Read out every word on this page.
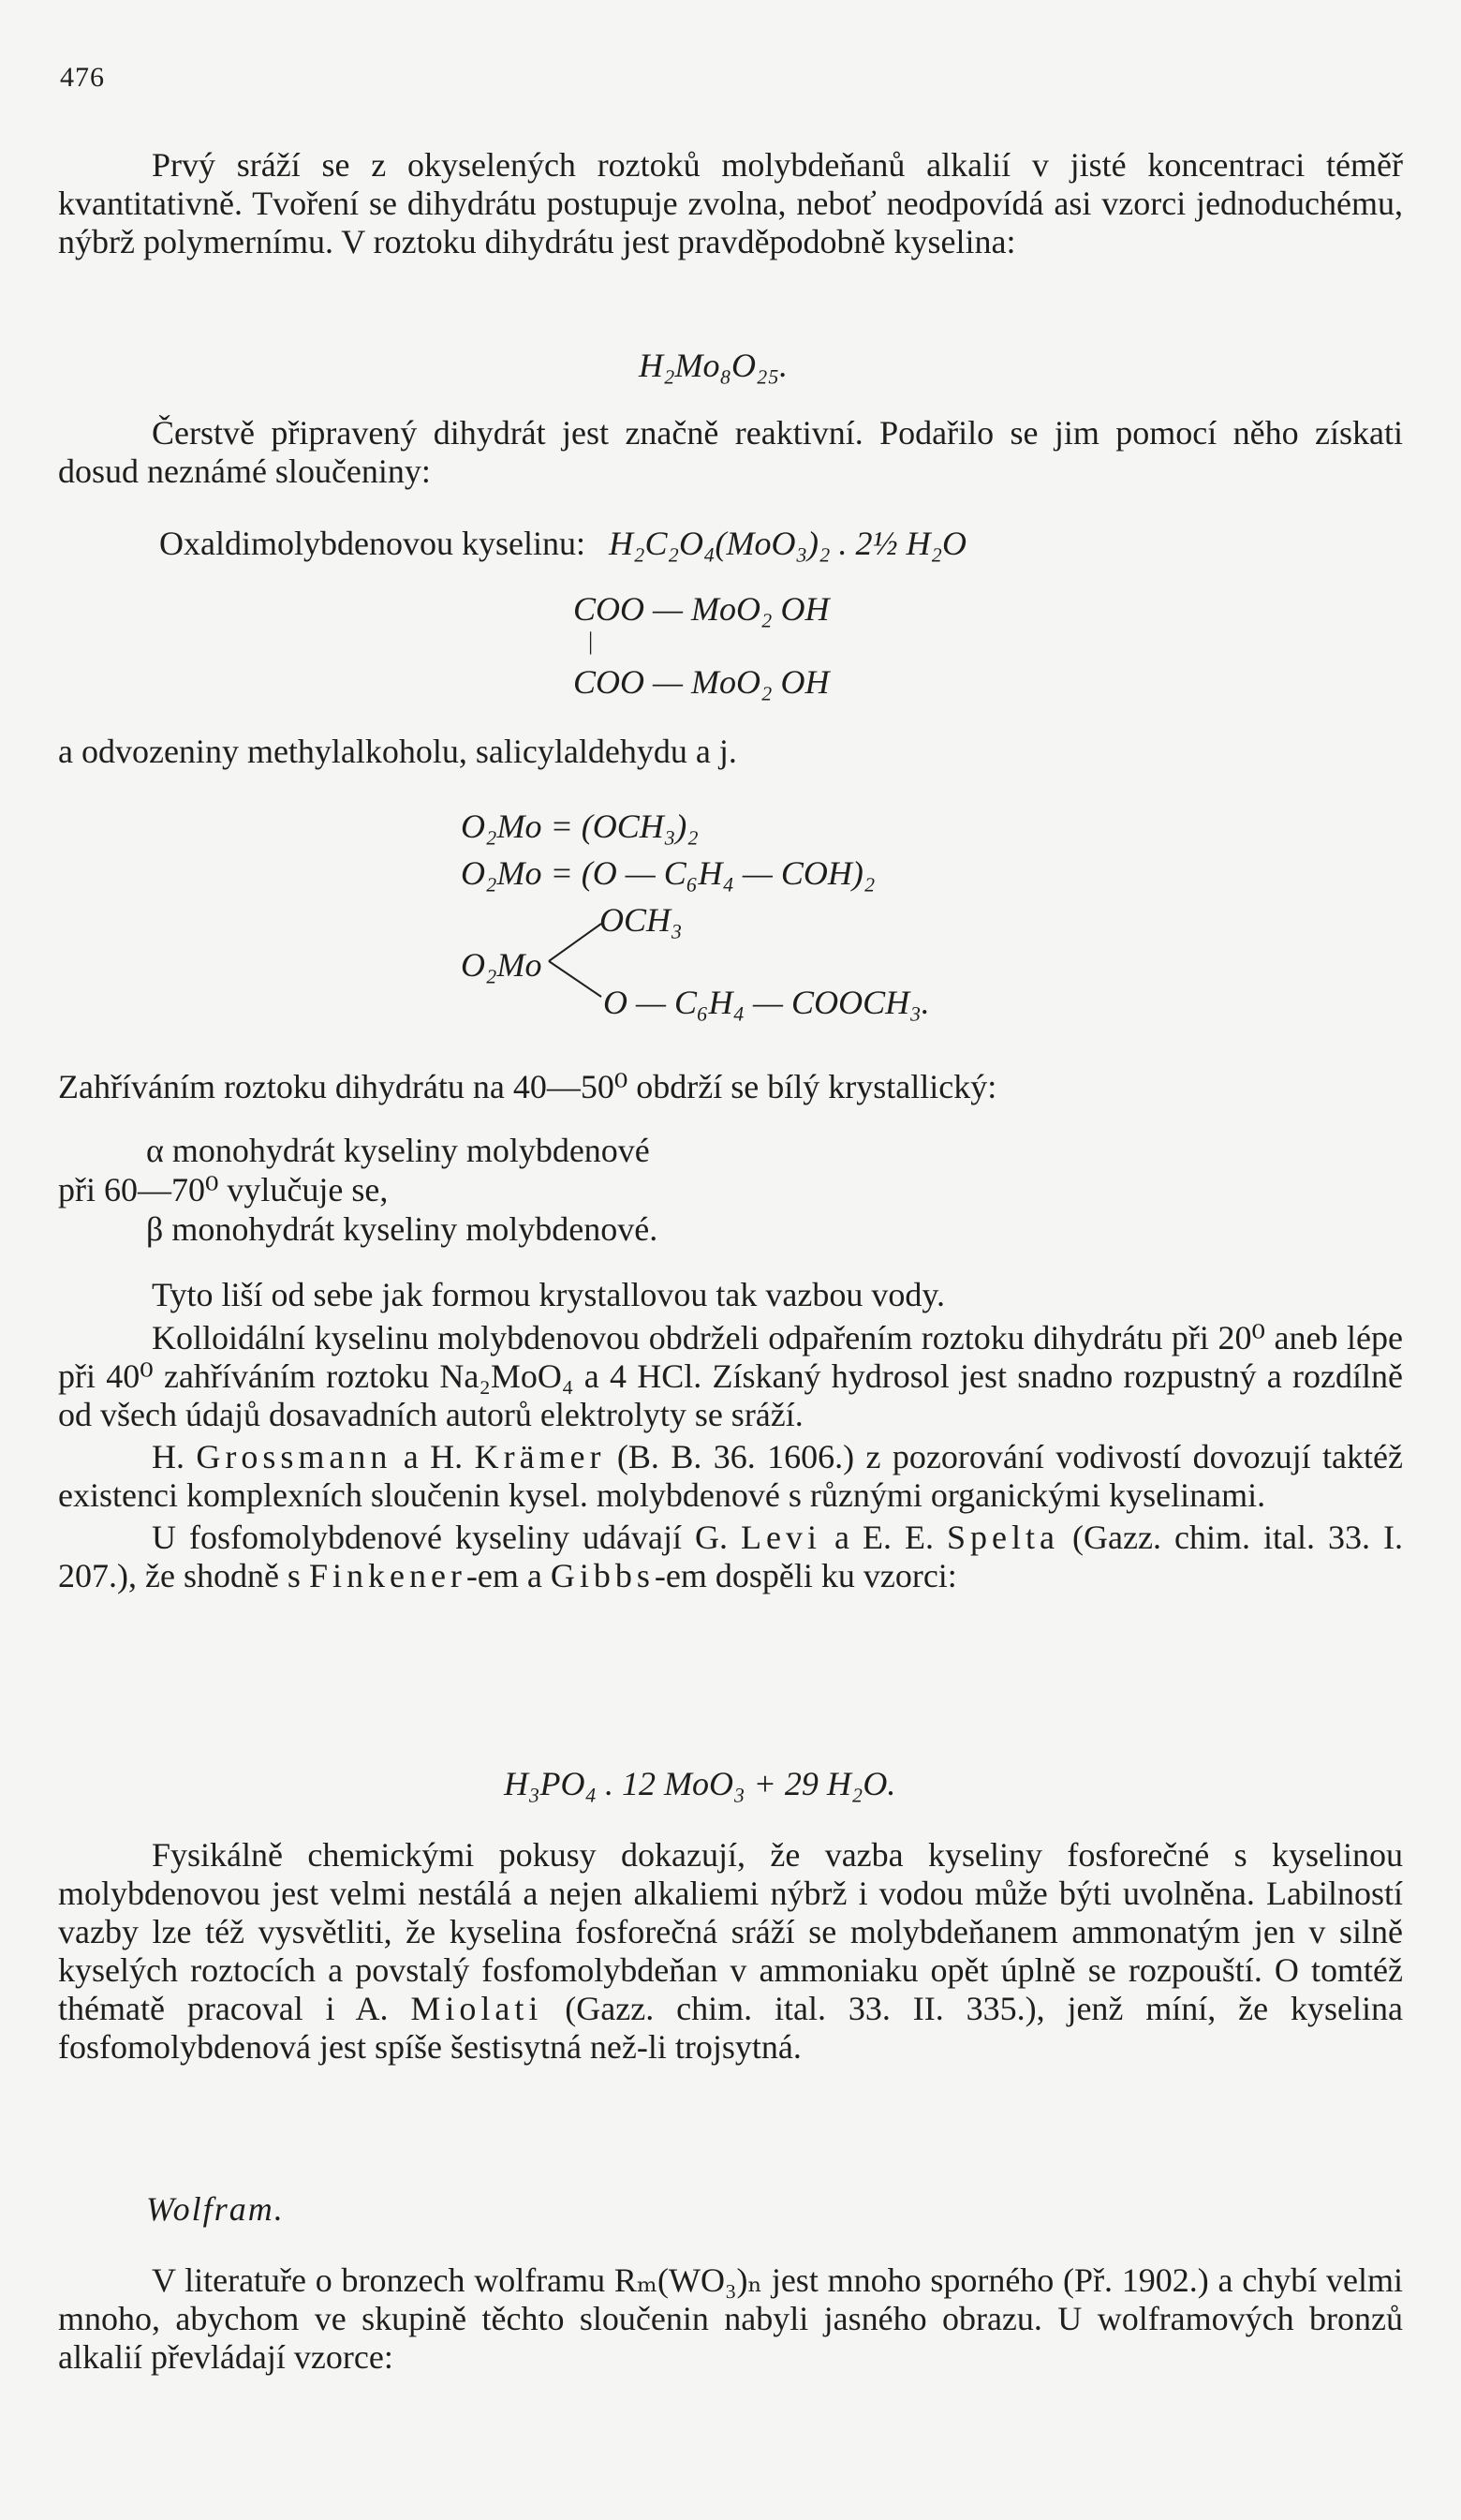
476

Prvý sráží se z okyselených roztoků molybdeňanů alkalií v jisté koncentraci téměř kvantitativně. Tvoření se dihydrátu postupuje zvolna, neboť neodpovídá asi vzorci jednoduchému, nýbrž polymernímu. V roztoku dihydrátu jest pravděpodobně kyselina:

H₂Mo₈O₂₅.

Čerstvě připravený dihydrát jest značně reaktivní. Podařilo se jim pomocí něho získati dosud neznámé sloučeniny:

Oxaldimolybdenovou kyselinu: H₂C₂O₄(MoO₃)₂ . 2½ H₂O
COO — MoO₂ OH
|
COO — MoO₂ OH
a odvozeniny methylalkoholu, salicylaldehydu a j.
O₂Mo = (OCH₃)₂
O₂Mo = (O — C₆H₄ — COH)₂
OCH₃
O₂Mo
O — C₆H₄ — COOCH₃.
Zahříváním roztoku dihydrátu na 40—50⁰ obdrží se bílý krystallický:
α monohydrát kyseliny molybdenové
při 60—70⁰ vylučuje se,
β monohydrát kyseliny molybdenové.
Tyto liší od sebe jak formou krystallovou tak vazbou vody.

Kolloidální kyselinu molybdenovou obdrželi odpařením roztoku dihydrátu při 20⁰ aneb lépe při 40⁰ zahříváním roztoku Na₂MoO₄ a 4 HCl. Získaný hydrosol jest snadno rozpustný a rozdílně od všech údajů dosavadních autorů elektrolyty se sráží.

H. Grossmann a H. Krämer (B. B. 36. 1606.) z pozorování vodivostí dovozují taktéž existenci komplexních sloučenin kysel. molybdenové s různými organickými kyselinami.

U fosfomolybdenové kyseliny udávají G. Levi a E. E. Spelta (Gazz. chim. ital. 33. I. 207.), že shodně s Finkener-em a Gibbs-em dospěli ku vzorci:

H₃PO₄ . 12 MoO₃ + 29 H₂O.

Fysikálně chemickými pokusy dokazují, že vazba kyseliny fosforečné s kyselinou molybdenovou jest velmi nestálá a nejen alkaliemi nýbrž i vodou může býti uvolněna. Labilností vazby lze též vysvětliti, že kyselina fosforečná sráží se molybdeňanem ammonatým jen v silně kyselých roztocích a povstalý fosfomolybdeňan v ammoniaku opět úplně se rozpouští. O tomtéž thématě pracoval i A. Miolati (Gazz. chim. ital. 33. II. 335.), jenž míní, že kyselina fosfomolybdenová jest spíše šestisytná než-li trojsytná.

Wolfram.

V literatuře o bronzech wolframu Rₘ(WO₃)ₙ jest mnoho sporného (Př. 1902.) a chybí velmi mnoho, abychom ve skupině těchto sloučenin nabyli jasného obrazu. U wolframových bronzů alkalií převládají vzorce:
